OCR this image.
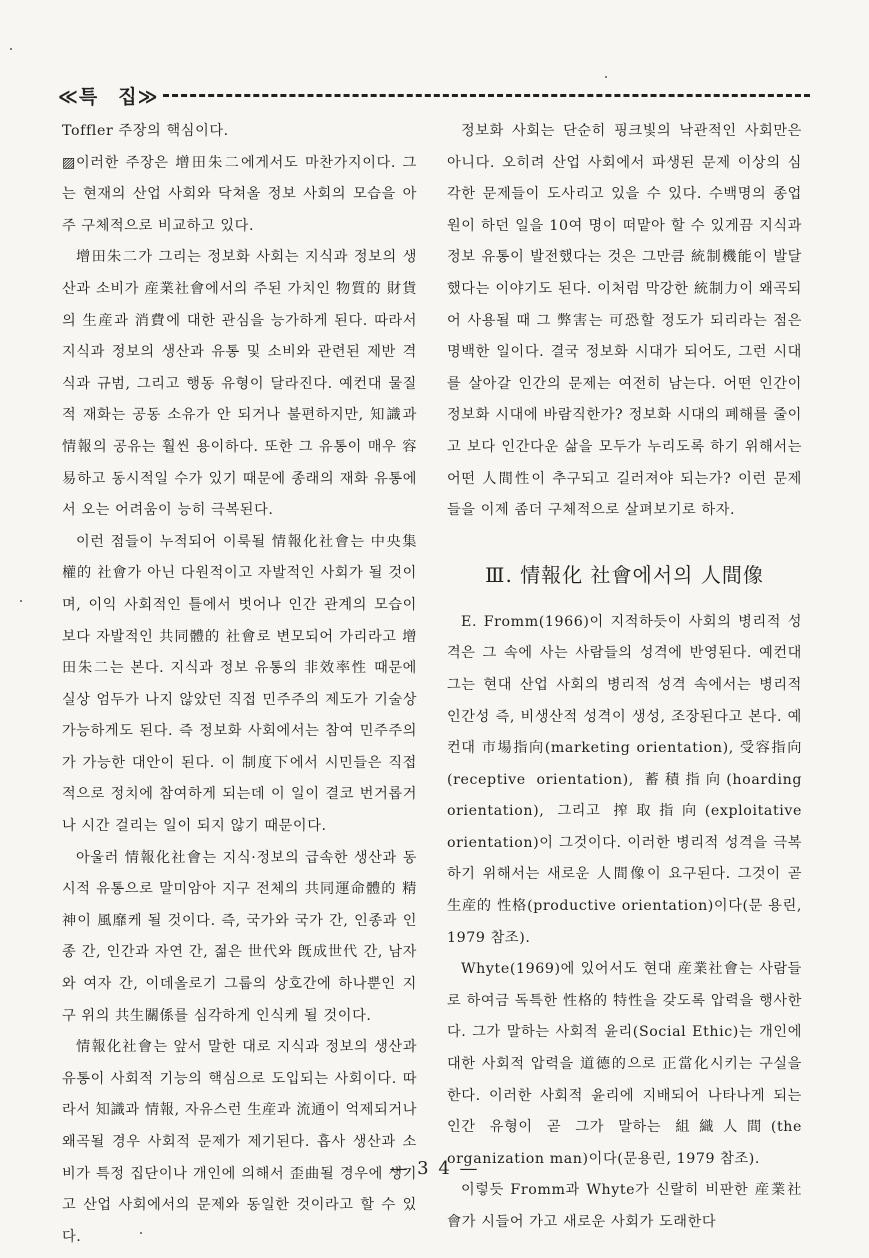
≪특　집≫

Toffler 주장의 핵심이다.

▨이러한 주장은 增田朱二에게서도 마찬가지이다. 그는 현재의 산업 사회와 닥쳐올 정보 사회의 모습을 아주 구체적으로 비교하고 있다.

增田朱二가 그리는 정보화 사회는 지식과 정보의 생산과 소비가 産業社會에서의 주된 가치인 物質的 財貨의 生産과 消費에 대한 관심을 능가하게 된다. 따라서 지식과 정보의 생산과 유통 및 소비와 관련된 제반 격식과 규범, 그리고 행동 유형이 달라진다. 예컨대 물질적 재화는 공동 소유가 안 되거나 불편하지만, 知識과 情報의 공유는 훨씬 용이하다. 또한 그 유통이 매우 容易하고 동시적일 수가 있기 때문에 종래의 재화 유통에서 오는 어려움이 능히 극복된다.

이런 점들이 누적되어 이룩될 情報化社會는 中央集權的 社會가 아닌 다원적이고 자발적인 사회가 될 것이며, 이익 사회적인 틀에서 벗어나 인간 관계의 모습이 보다 자발적인 共同體的 社會로 변모되어 가리라고 增田朱二는 본다. 지식과 정보 유통의 非效率性 때문에 실상 엄두가 나지 않았던 직접 민주주의 제도가 기술상 가능하게도 된다. 즉 정보화 사회에서는 참여 민주주의가 가능한 대안이 된다. 이 制度下에서 시민들은 직접적으로 정치에 참여하게 되는데 이 일이 결코 번거롭거나 시간 걸리는 일이 되지 않기 때문이다.

아울러 情報化社會는 지식·정보의 급속한 생산과 동시적 유통으로 말미암아 지구 전체의 共同運命體的 精神이 風靡케 될 것이다. 즉, 국가와 국가 간, 인종과 인종 간, 인간과 자연 간, 젊은 世代와 旣成世代 간, 남자와 여자 간, 이데올로기 그룹의 상호간에 하나뿐인 지구 위의 共生關係를 심각하게 인식케 될 것이다.

情報化社會는 앞서 말한 대로 지식과 정보의 생산과 유통이 사회적 기능의 핵심으로 도입되는 사회이다. 따라서 知識과 情報, 자유스런 生産과 流通이 억제되거나 왜곡될 경우 사회적 문제가 제기된다. 흡사 생산과 소비가 특정 집단이나 개인에 의해서 歪曲될 경우에 생기고 산업 사회에서의 문제와 동일한 것이라고 할 수 있다.

정보화 사회는 단순히 핑크빛의 낙관적인 사회만은 아니다. 오히려 산업 사회에서 파생된 문제 이상의 심각한 문제들이 도사리고 있을 수 있다. 수백명의 종업원이 하던 일을 10여 명이 떠맡아 할 수 있게끔 지식과 정보 유통이 발전했다는 것은 그만큼 統制機能이 발달했다는 이야기도 된다. 이처럼 막강한 統制力이 왜곡되어 사용될 때 그 弊害는 可恐할 정도가 되리라는 점은 명백한 일이다. 결국 정보화 시대가 되어도, 그런 시대를 살아갈 인간의 문제는 여전히 남는다. 어떤 인간이 정보화 시대에 바람직한가? 정보화 시대의 폐해를 줄이고 보다 인간다운 삶을 모두가 누리도록 하기 위해서는 어떤 人間性이 추구되고 길러져야 되는가? 이런 문제들을 이제 좀더 구체적으로 살펴보기로 하자.

Ⅲ. 情報化 社會에서의 人間像

E. Fromm(1966)이 지적하듯이 사회의 병리적 성격은 그 속에 사는 사람들의 성격에 반영된다. 예컨대 그는 현대 산업 사회의 병리적 성격 속에서는 병리적 인간성 즉, 비생산적 성격이 생성, 조장된다고 본다. 예컨대 市場指向(marketing orientation), 受容指向(receptive orientation), 蓄積指向(hoarding orientation), 그리고 搾取指向(exploitative orientation)이 그것이다. 이러한 병리적 성격을 극복하기 위해서는 새로운 人間像이 요구된다. 그것이 곧 生産的 性格(productive orientation)이다(문 용린, 1979 참조).

Whyte(1969)에 있어서도 현대 産業社會는 사람들로 하여금 독특한 性格的 特性을 갖도록 압력을 행사한다. 그가 말하는 사회적 윤리(Social Ethic)는 개인에 대한 사회적 압력을 道德的으로 正當化시키는 구실을 한다. 이러한 사회적 윤리에 지배되어 나타나게 되는 인간 유형이 곧 그가 말하는 組織人間(the organization man)이다(문용린, 1979 참조).

이렇듯 Fromm과 Whyte가 신랄히 비판한 産業社會가 시들어 가고 새로운 사회가 도래한다

— 3 4 —
